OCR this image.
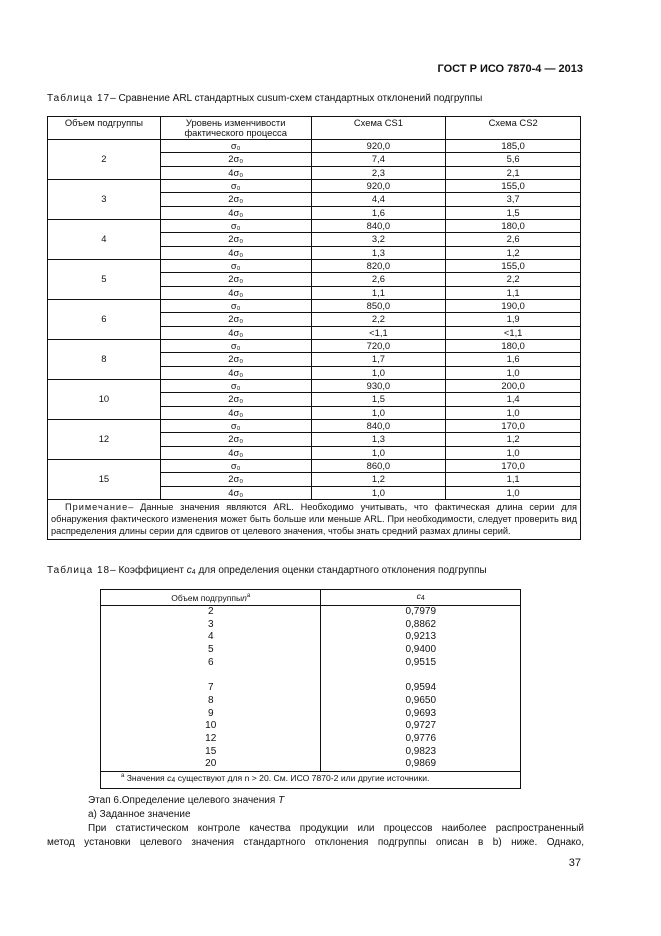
ГОСТ Р ИСО 7870-4 — 2013
Таблица 17– Сравнение ARL стандартных cusum-схем стандартных отклонений подгруппы
Объем подгруппы	Уровень изменчивости фактического процесса	Схема CS1	Схема CS2
2	σ₀	920,0	185,0
	2σ₀	7,4	5,6
	4σ₀	2,3	2,1
3	σ₀	920,0	155,0
	2σ₀	4,4	3,7
	4σ₀	1,6	1,5
4	σ₀	840,0	180,0
	2σ₀	3,2	2,6
	4σ₀	1,3	1,2
5	σ₀	820,0	155,0
	2σ₀	2,6	2,2
	4σ₀	1,1	1,1
6	σ₀	850,0	190,0
	2σ₀	2,2	1,9
	4σ₀	<1,1	<1,1
8	σ₀	720,0	180,0
	2σ₀	1,7	1,6
	4σ₀	1,0	1,0
10	σ₀	930,0	200,0
	2σ₀	1,5	1,4
	4σ₀	1,0	1,0
12	σ₀	840,0	170,0
	2σ₀	1,3	1,2
	4σ₀	1,0	1,0
15	σ₀	860,0	170,0
	2σ₀	1,2	1,1
	4σ₀	1,0	1,0
Примечание– Данные значения являются ARL. Необходимо учитывать, что фактическая длина серии для обнаружения фактического изменения может быть больше или меньше ARL. При необходимости, следует проверить вид распределения длины серии для сдвигов от целевого значения, чтобы знать средний размах длины серий.			
Таблица 18– Коэффициент c4 для определения оценки стандартного отклонения подгруппы
Объем подгруппыn$^a$	c4
2	0,7979
3	0,8862
4	0,9213
5	0,9400
6	0,9515

7	0,9594
8	0,9650
9	0,9693
10	0,9727
12	0,9776
15	0,9823
20	0,9869
$^a$ Значения c4 существуют для n > 20. См. ИСО 7870-2 или другие источники.	
Этап 6.Определение целевого значения T
а) Заданное значение
При статистическом контроле качества продукции или процессов наиболее распространенный
метод установки целевого значения стандартного отклонения подгруппы описан в b) ниже. Однако,
37
